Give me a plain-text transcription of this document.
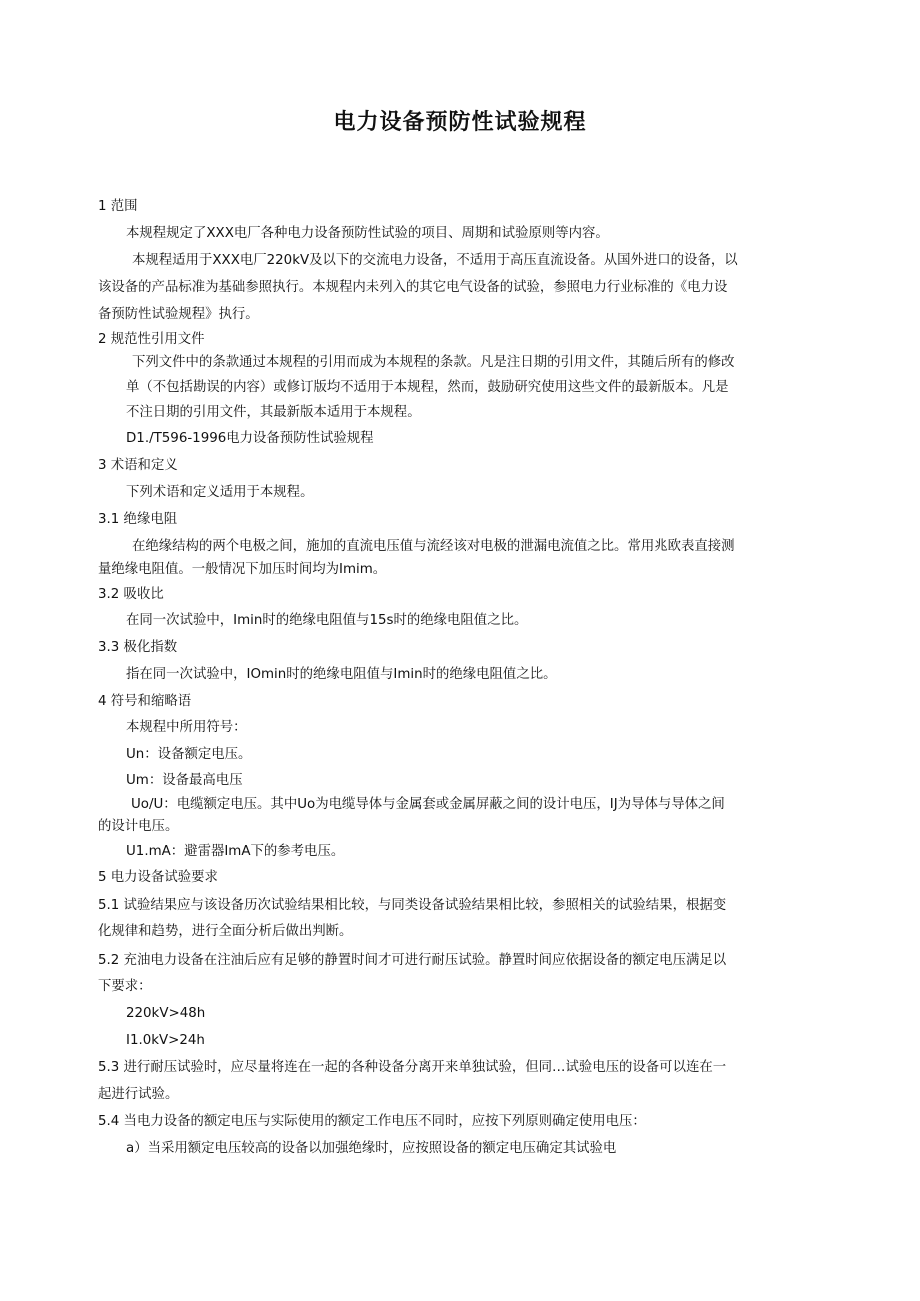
电力设备预防性试验规程
1 范围
本规程规定了XXX电厂各种电力设备预防性试验的项目、周期和试验原则等内容。
本规程适用于XXX电厂220kV及以下的交流电力设备，不适用于高压直流设备。从国外进口的设备，以
该设备的产品标准为基础参照执行。本规程内未列入的其它电气设备的试验，参照电力行业标准的《电力设
备预防性试验规程》执行。
2 规范性引用文件
下列文件中的条款通过本规程的引用而成为本规程的条款。凡是注日期的引用文件，其随后所有的修改
单（不包括勘误的内容）或修订版均不适用于本规程，然而，鼓励研究使用这些文件的最新版本。凡是
不注日期的引用文件，其最新版本适用于本规程。
D1./T596-1996电力设备预防性试验规程
3 术语和定义
下列术语和定义适用于本规程。
3.1 绝缘电阻
在绝缘结构的两个电极之间，施加的直流电压值与流经该对电极的泄漏电流值之比。常用兆欧表直接测
量绝缘电阻值。一般情况下加压时间均为Imim。
3.2 吸收比
在同一次试验中，Imin时的绝缘电阻值与15s时的绝缘电阻值之比。
3.3 极化指数
指在同一次试验中，IOmin时的绝缘电阻值与Imin时的绝缘电阻值之比。
4 符号和缩略语
本规程中所用符号：
Un：设备额定电压。
Um：设备最高电压
Uo/U：电缆额定电压。其中Uo为电缆导体与金属套或金属屏蔽之间的设计电压，IJ为导体与导体之间
的设计电压。
U1.mA：避雷器ImA下的参考电压。
5 电力设备试验要求
5.1 试验结果应与该设备历次试验结果相比较，与同类设备试验结果相比较，参照相关的试验结果，根据变
化规律和趋势，进行全面分析后做出判断。
5.2 充油电力设备在注油后应有足够的静置时间才可进行耐压试验。静置时间应依据设备的额定电压满足以
下要求：
220kV>48h
I1.0kV>24h
5.3 进行耐压试验时，应尽量将连在一起的各种设备分离开来单独试验，但同…试验电压的设备可以连在一
起进行试验。
5.4 当电力设备的额定电压与实际使用的额定工作电压不同时，应按下列原则确定使用电压：
a）当采用额定电压较高的设备以加强绝缘时，应按照设备的额定电压确定其试验电
